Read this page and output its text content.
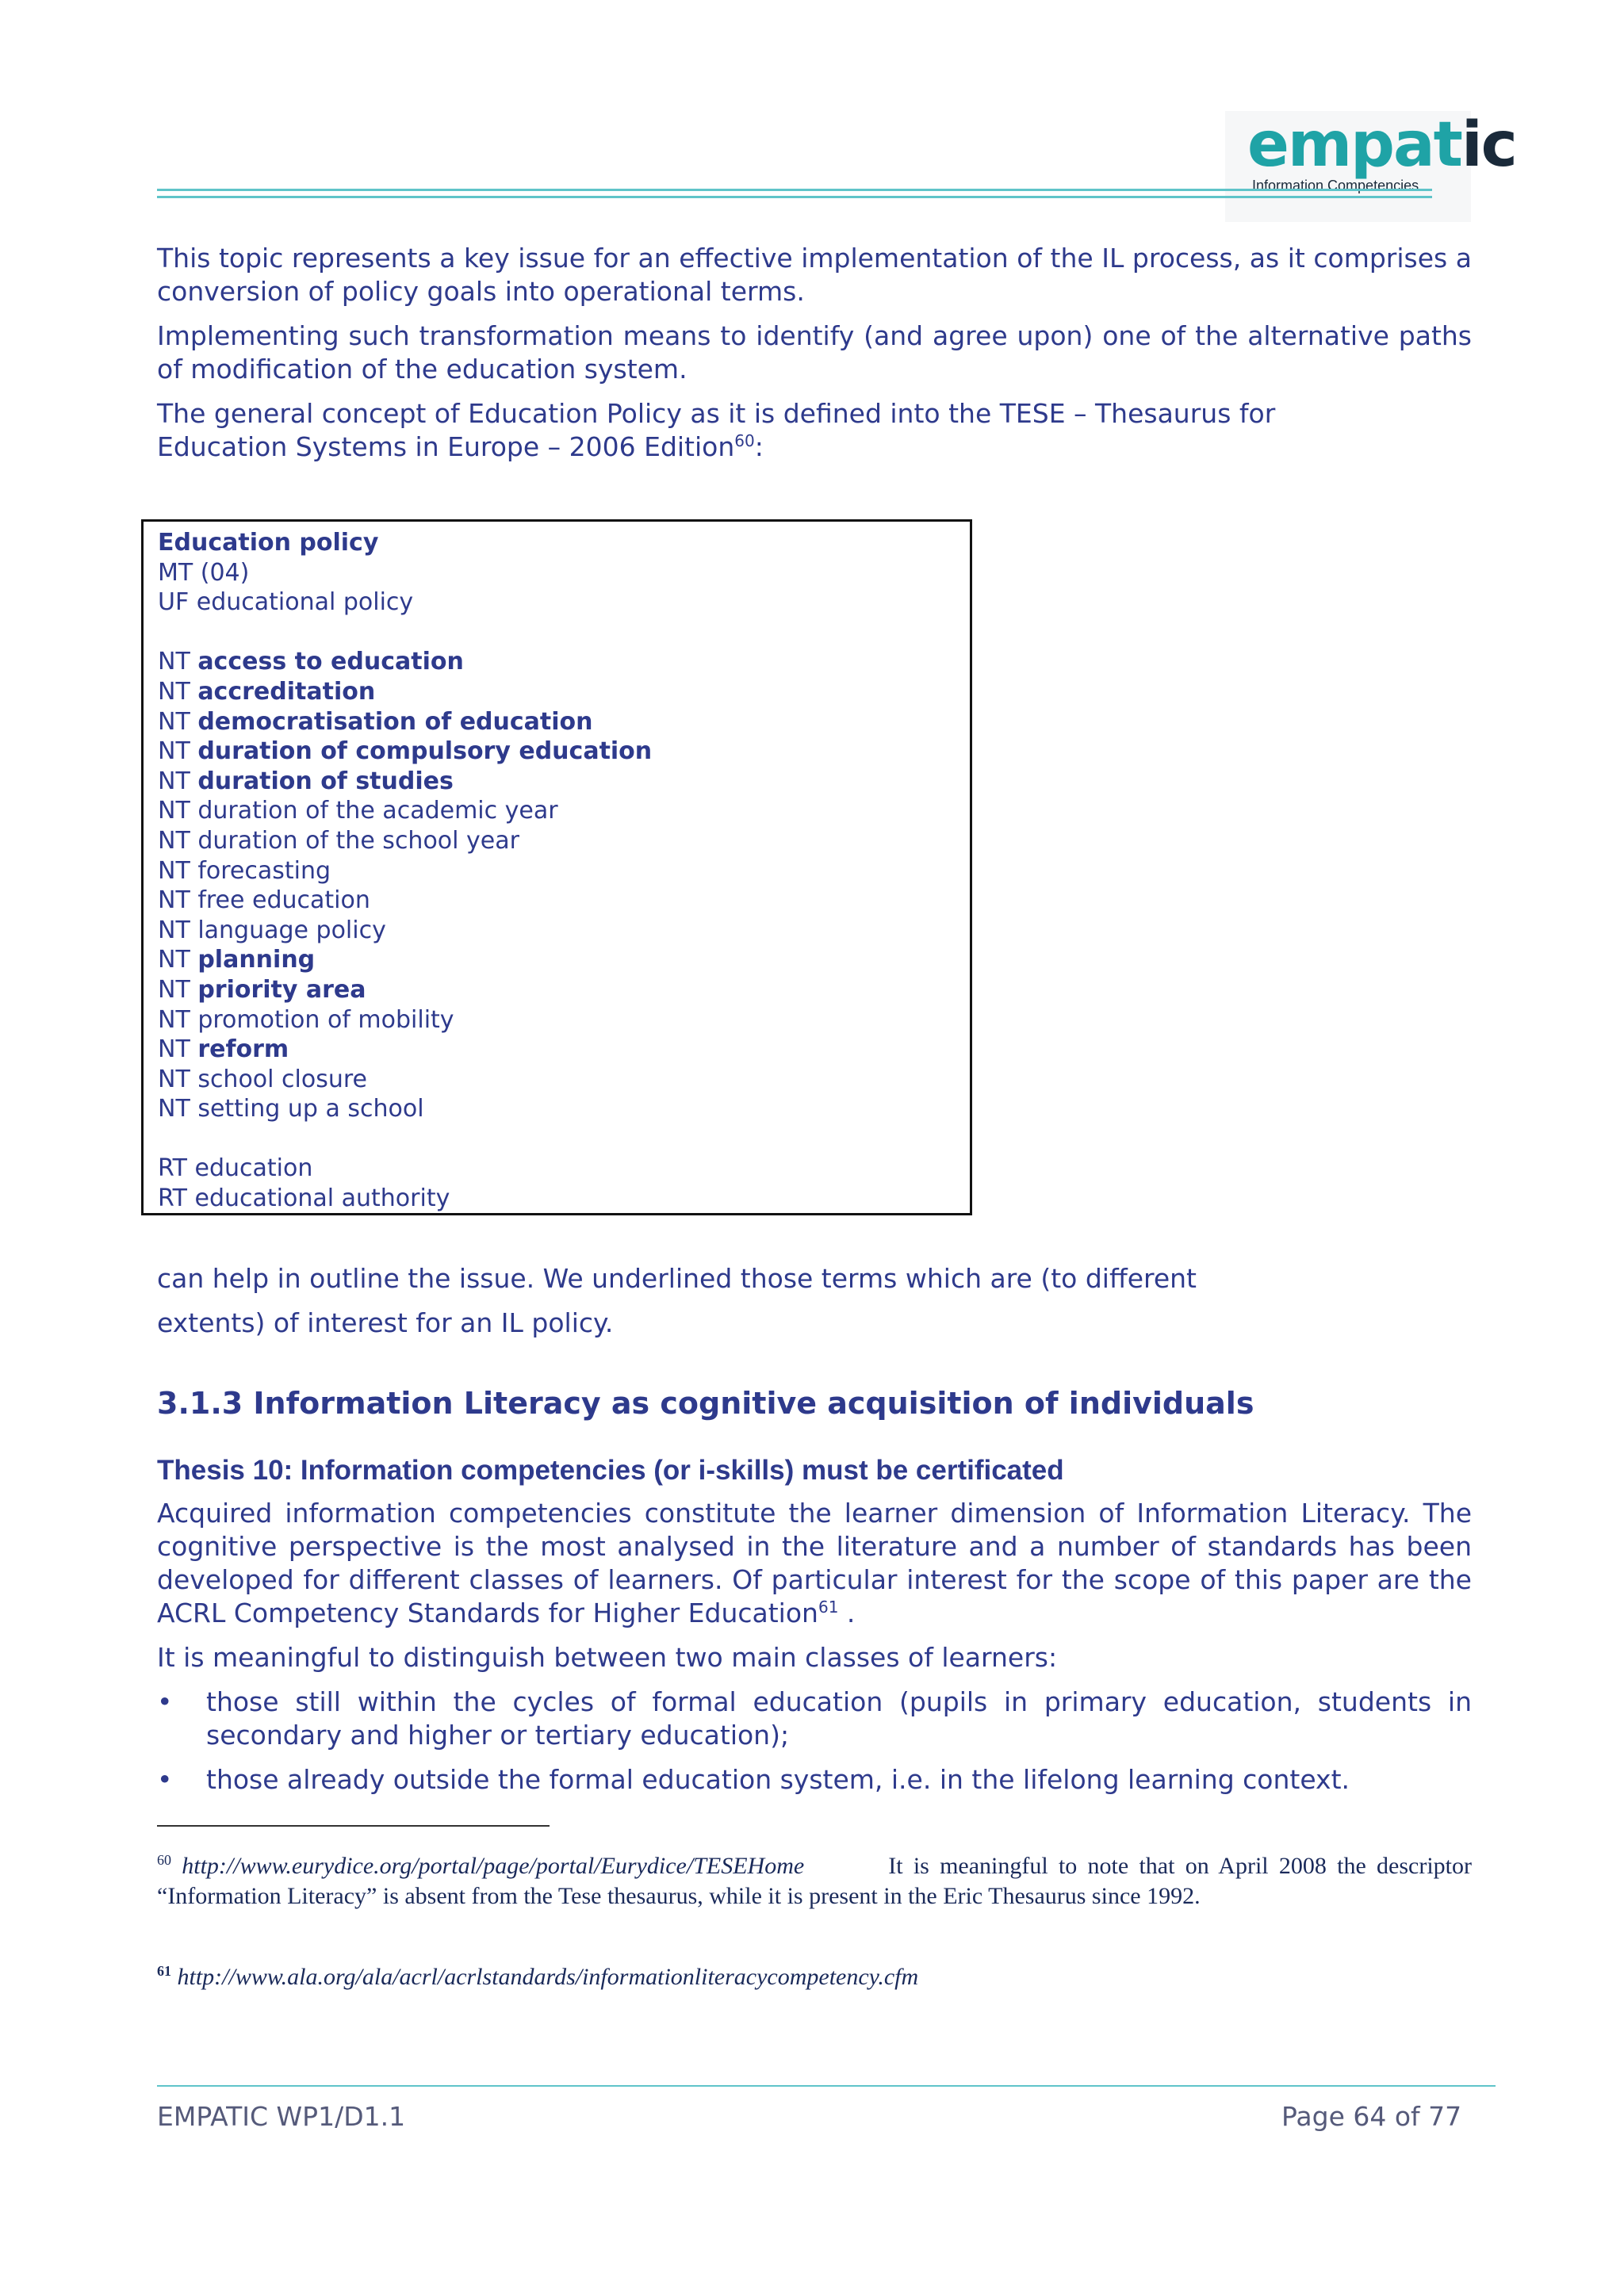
empatic
Information Competencies

This topic represents a key issue for an effective implementation of the IL process, as it comprises a conversion of policy goals into operational terms.

Implementing such transformation means to identify (and agree upon) one of the alternative paths of modification of the education system.

The general concept of Education Policy as it is defined into the TESE – Thesaurus for
Education Systems in Europe – 2006 Edition$^{60}$:

Education policy
MT (04)
UF educational policy
NT access to education
NT accreditation
NT democratisation of education
NT duration of compulsory education
NT duration of studies
NT duration of the academic year
NT duration of the school year
NT forecasting
NT free education
NT language policy
NT planning
NT priority area
NT promotion of mobility
NT reform
NT school closure
NT setting up a school
RT education
RT educational authority

can help in outline the issue. We underlined those terms which are (to different
extents) of interest for an IL policy.

3.1.3 Information Literacy as cognitive acquisition of individuals
Thesis 10: Information competencies (or i-skills) must be certificated

Acquired information competencies constitute the learner dimension of Information Literacy. The cognitive perspective is the most analysed in the literature and a number of standards has been developed for different classes of learners. Of particular interest for the scope of this paper are the ACRL Competency Standards for Higher Education$^{61}$ .

It is meaningful to distinguish between two main classes of learners:

• those still within the cycles of formal education (pupils in primary education, students in secondary and higher or tertiary education);

• those already outside the formal education system, i.e. in the lifelong learning context.

$^{60}$ http://www.eurydice.org/portal/page/portal/Eurydice/TESEHome	It is meaningful to note that on April 2008 the descriptor “Information Literacy” is absent from the Tese thesaurus, while it is present in the Eric Thesaurus since 1992.
$^{61}$ http://www.ala.org/ala/acrl/acrlstandards/informationliteracycompetency.cfm
EMPATIC WP1/D1.1	Page 64 of 77
